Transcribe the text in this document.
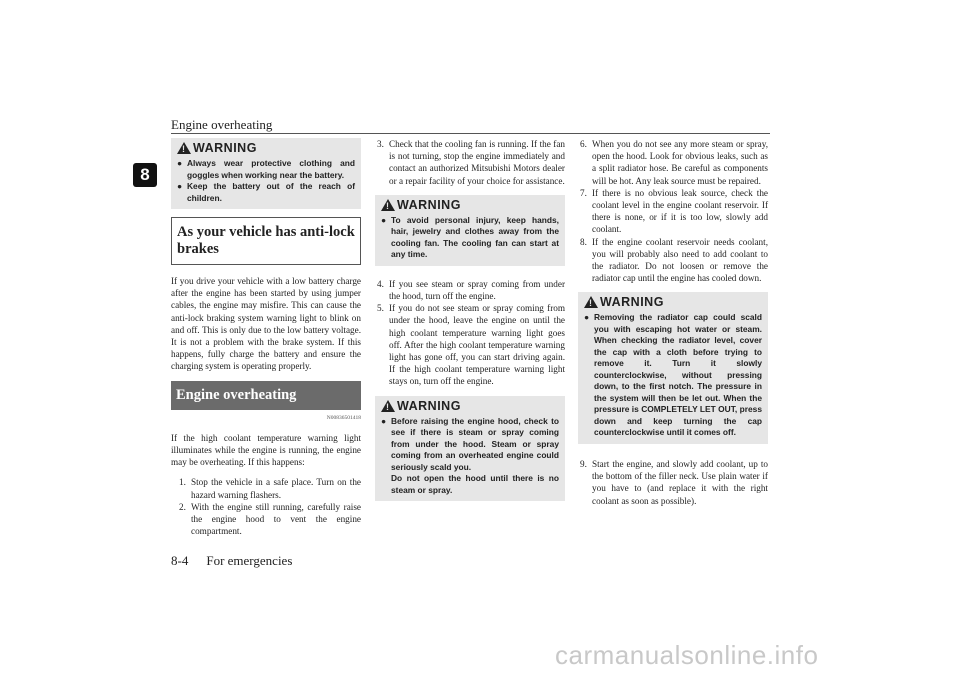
Engine overheating
8
!
WARNING
● Always wear protective clothing and goggles when working near the battery.
● Keep the battery out of the reach of children.
As your vehicle has anti-lock brakes

If you drive your vehicle with a low battery charge after the engine has been started by using jumper cables, the engine may misfire. This can cause the anti-lock braking system warning light to blink on and off. This is only due to the low battery voltage. It is not a problem with the brake system. If this happens, fully charge the battery and ensure the charging system is operating properly.

Engine overheating
N00836501418

If the high coolant temperature warning light illuminates while the engine is running, the engine may be overheating. If this happens:

1. Stop the vehicle in a safe place. Turn on the hazard warning flashers.
2. With the engine still running, carefully raise the engine hood to vent the engine compartment.
3. Check that the cooling fan is running. If the fan is not turning, stop the engine immediately and contact an authorized Mitsubishi Motors dealer or a repair facility of your choice for assistance.
!
WARNING
● To avoid personal injury, keep hands, hair, jewelry and clothes away from the cooling fan. The cooling fan can start at any time.
4. If you see steam or spray coming from under the hood, turn off the engine.
5. If you do not see steam or spray coming from under the hood, leave the engine on until the high coolant temperature warning light goes off. After the high coolant temperature warning light has gone off, you can start driving again. If the high coolant temperature warning light stays on, turn off the engine.
!
WARNING
● Before raising the engine hood, check to see if there is steam or spray coming from under the hood. Steam or spray coming from an overheated engine could seriously scald you.
Do not open the hood until there is no steam or spray.
6. When you do not see any more steam or spray, open the hood. Look for obvious leaks, such as a split radiator hose. Be careful as components will be hot. Any leak source must be repaired.
7. If there is no obvious leak source, check the coolant level in the engine coolant reservoir. If there is none, or if it is too low, slowly add coolant.
8. If the engine coolant reservoir needs coolant, you will probably also need to add coolant to the radiator. Do not loosen or remove the radiator cap until the engine has cooled down.
!
WARNING
● Removing the radiator cap could scald you with escaping hot water or steam. When checking the radiator level, cover the cap with a cloth before trying to remove it. Turn it slowly counterclockwise, without pressing down, to the first notch. The pressure in the system will then be let out. When the pressure is COMPLETELY LET OUT, press down and keep turning the cap counterclockwise until it comes off.
9. Start the engine, and slowly add coolant, up to the bottom of the filler neck. Use plain water if you have to (and replace it with the right coolant as soon as possible).
8-4 For emergencies
carmanualsonline.info
